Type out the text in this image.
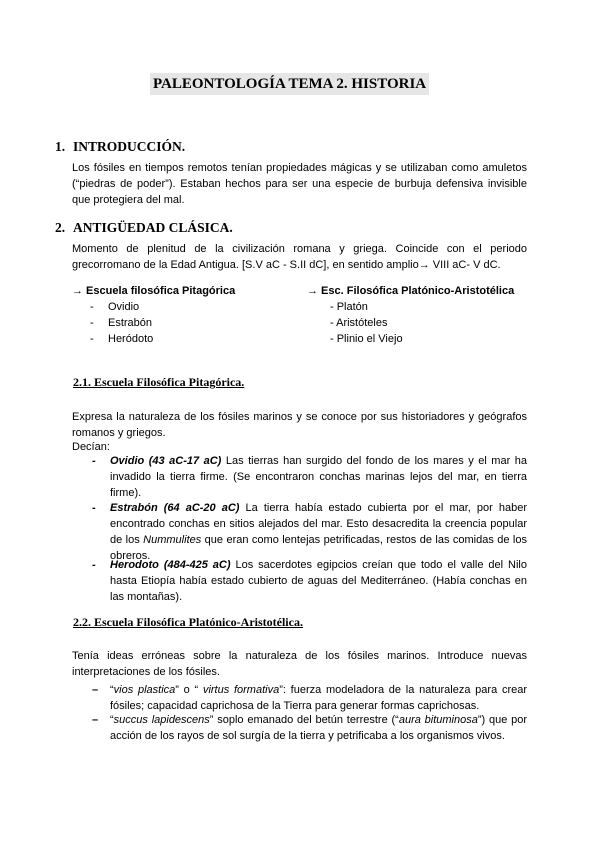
PALEONTOLOGÍA TEMA 2. HISTORIA
1. INTRODUCCIÓN.
Los fósiles en tiempos remotos tenían propiedades mágicas y se utilizaban como amuletos (“piedras de poder”). Estaban hechos para ser una especie de burbuja defensiva invisible que protegiera del mal.
2. ANTIGÜEDAD CLÁSICA.
Momento de plenitud de la civilización romana y griega. Coincide con el periodo grecorromano de la Edad Antigua. [S.V aC - S.II dC], en sentido amplio→ VIII aC- V dC.
→ Escuela filosófica Pitagórica
- Ovidio
- Estrabón
- Heródoto
→ Esc. Filosófica Platónico-Aristotélica
- Platón
- Aristóteles
- Plinio el Viejo
2.1. Escuela Filosófica Pitagórica.
Expresa la naturaleza de los fósiles marinos y se conoce por sus historiadores y geógrafos romanos y griegos.
Decían:
- Ovidio (43 aC-17 aC) Las tierras han surgido del fondo de los mares y el mar ha invadido la tierra firme. (Se encontraron conchas marinas lejos del mar, en tierra firme).
- Estrabón (64 aC-20 aC) La tierra había estado cubierta por el mar, por haber encontrado conchas en sitios alejados del mar. Esto desacredita la creencia popular de los Nummulites que eran como lentejas petrificadas, restos de las comidas de los obreros.
- Herodoto (484-425 aC) Los sacerdotes egipcios creían que todo el valle del Nilo hasta Etiopía había estado cubierto de aguas del Mediterráneo. (Había conchas en las montañas).
2.2. Escuela Filosófica Platónico-Aristotélica.
Tenía ideas erróneas sobre la naturaleza de los fósiles marinos. Introduce nuevas interpretaciones de los fósiles.
– “vios plastica” o “ virtus formativa”: fuerza modeladora de la naturaleza para crear fósiles; capacidad caprichosa de la Tierra para generar formas caprichosas.
– “succus lapidescens” soplo emanado del betún terrestre (“aura bituminosa”) que por acción de los rayos de sol surgía de la tierra y petrificaba a los organismos vivos.
